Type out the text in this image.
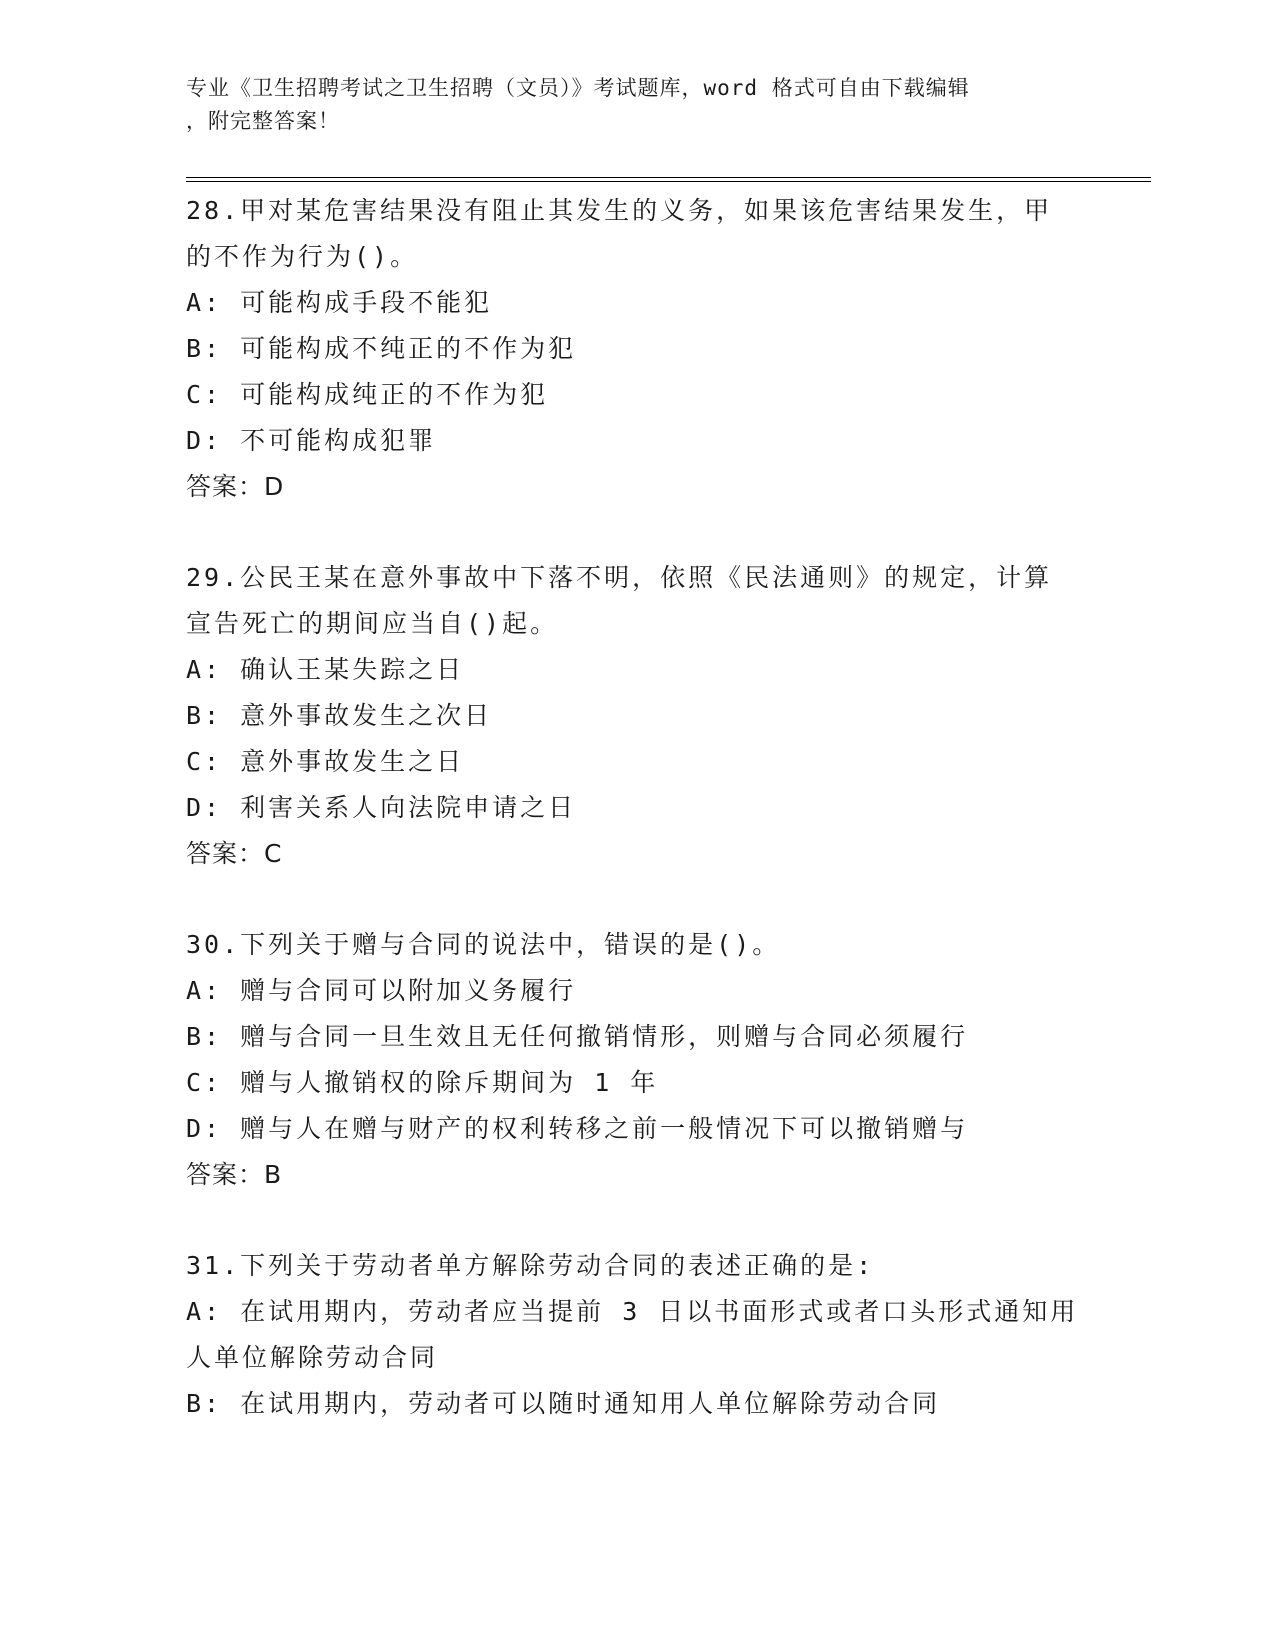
专业《卫生招聘考试之卫生招聘（文员）》考试题库，word 格式可自由下载编辑
，附完整答案！
28.甲对某危害结果没有阻止其发生的义务，如果该危害结果发生，甲
的不作为行为()。
A: 可能构成手段不能犯
B: 可能构成不纯正的不作为犯
C: 可能构成纯正的不作为犯
D: 不可能构成犯罪
答案：D
29.公民王某在意外事故中下落不明，依照《民法通则》的规定，计算
宣告死亡的期间应当自()起。
A: 确认王某失踪之日
B: 意外事故发生之次日
C: 意外事故发生之日
D: 利害关系人向法院申请之日
答案：C
30.下列关于赠与合同的说法中，错误的是()。
A: 赠与合同可以附加义务履行
B: 赠与合同一旦生效且无任何撤销情形，则赠与合同必须履行
C: 赠与人撤销权的除斥期间为 1 年
D: 赠与人在赠与财产的权利转移之前一般情况下可以撤销赠与
答案：B
31.下列关于劳动者单方解除劳动合同的表述正确的是:
A: 在试用期内，劳动者应当提前 3 日以书面形式或者口头形式通知用
人单位解除劳动合同
B: 在试用期内，劳动者可以随时通知用人单位解除劳动合同
